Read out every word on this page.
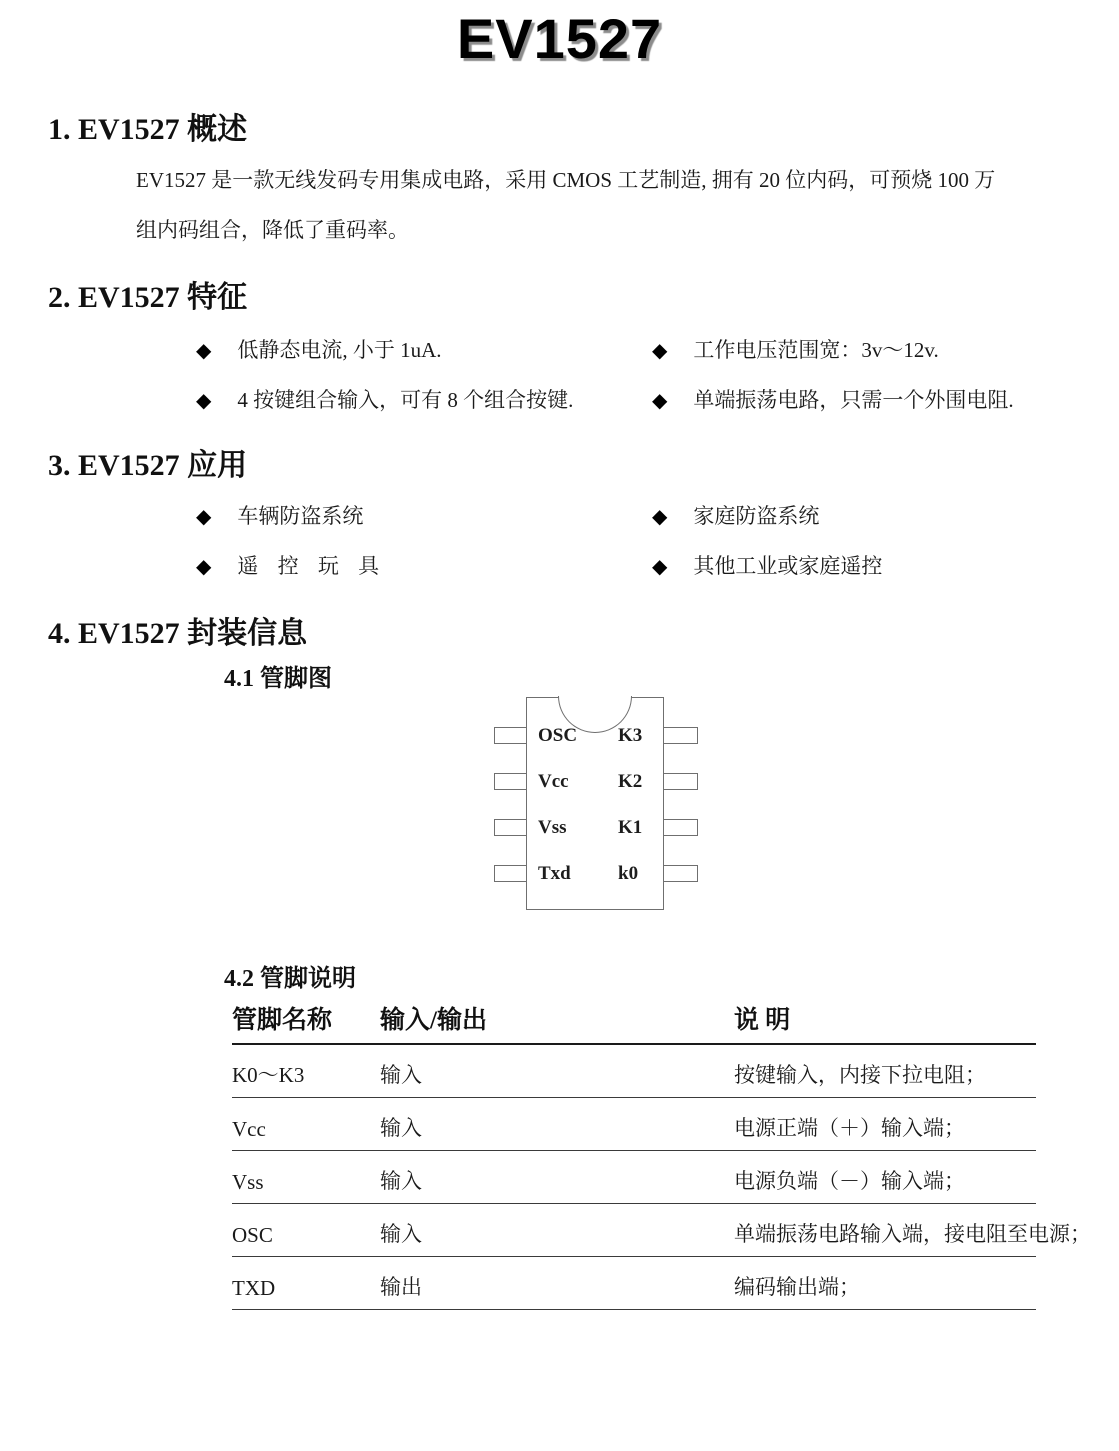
EV1527
1. EV1527 概述
EV1527 是一款无线发码专用集成电路，采用 CMOS 工艺制造, 拥有 20 位内码，可预烧 100 万
组内码组合，降低了重码率。
2. EV1527 特征
◆ 低静态电流, 小于 1uA.	◆ 工作电压范围宽：3v～12v.
◆ 4 按键组合输入，可有 8 个组合按键.	◆ 单端振荡电路，只需一个外围电阻.
3. EV1527 应用
◆ 车辆防盗系统	◆ 家庭防盗系统
◆ 遥 控 玩 具	◆ 其他工业或家庭遥控
4. EV1527 封装信息
4.1 管脚图
OSC
Vcc
Vss
Txd
K3
K2
K1
k0
4.2 管脚说明
管脚名称	输入/输出	说 明
K0～K3	输入	按键输入，内接下拉电阻；
Vcc	输入	电源正端（＋）输入端；
Vss	输入	电源负端（－）输入端；
OSC	输入	单端振荡电路输入端，接电阻至电源；
TXD	输出	编码输出端；
